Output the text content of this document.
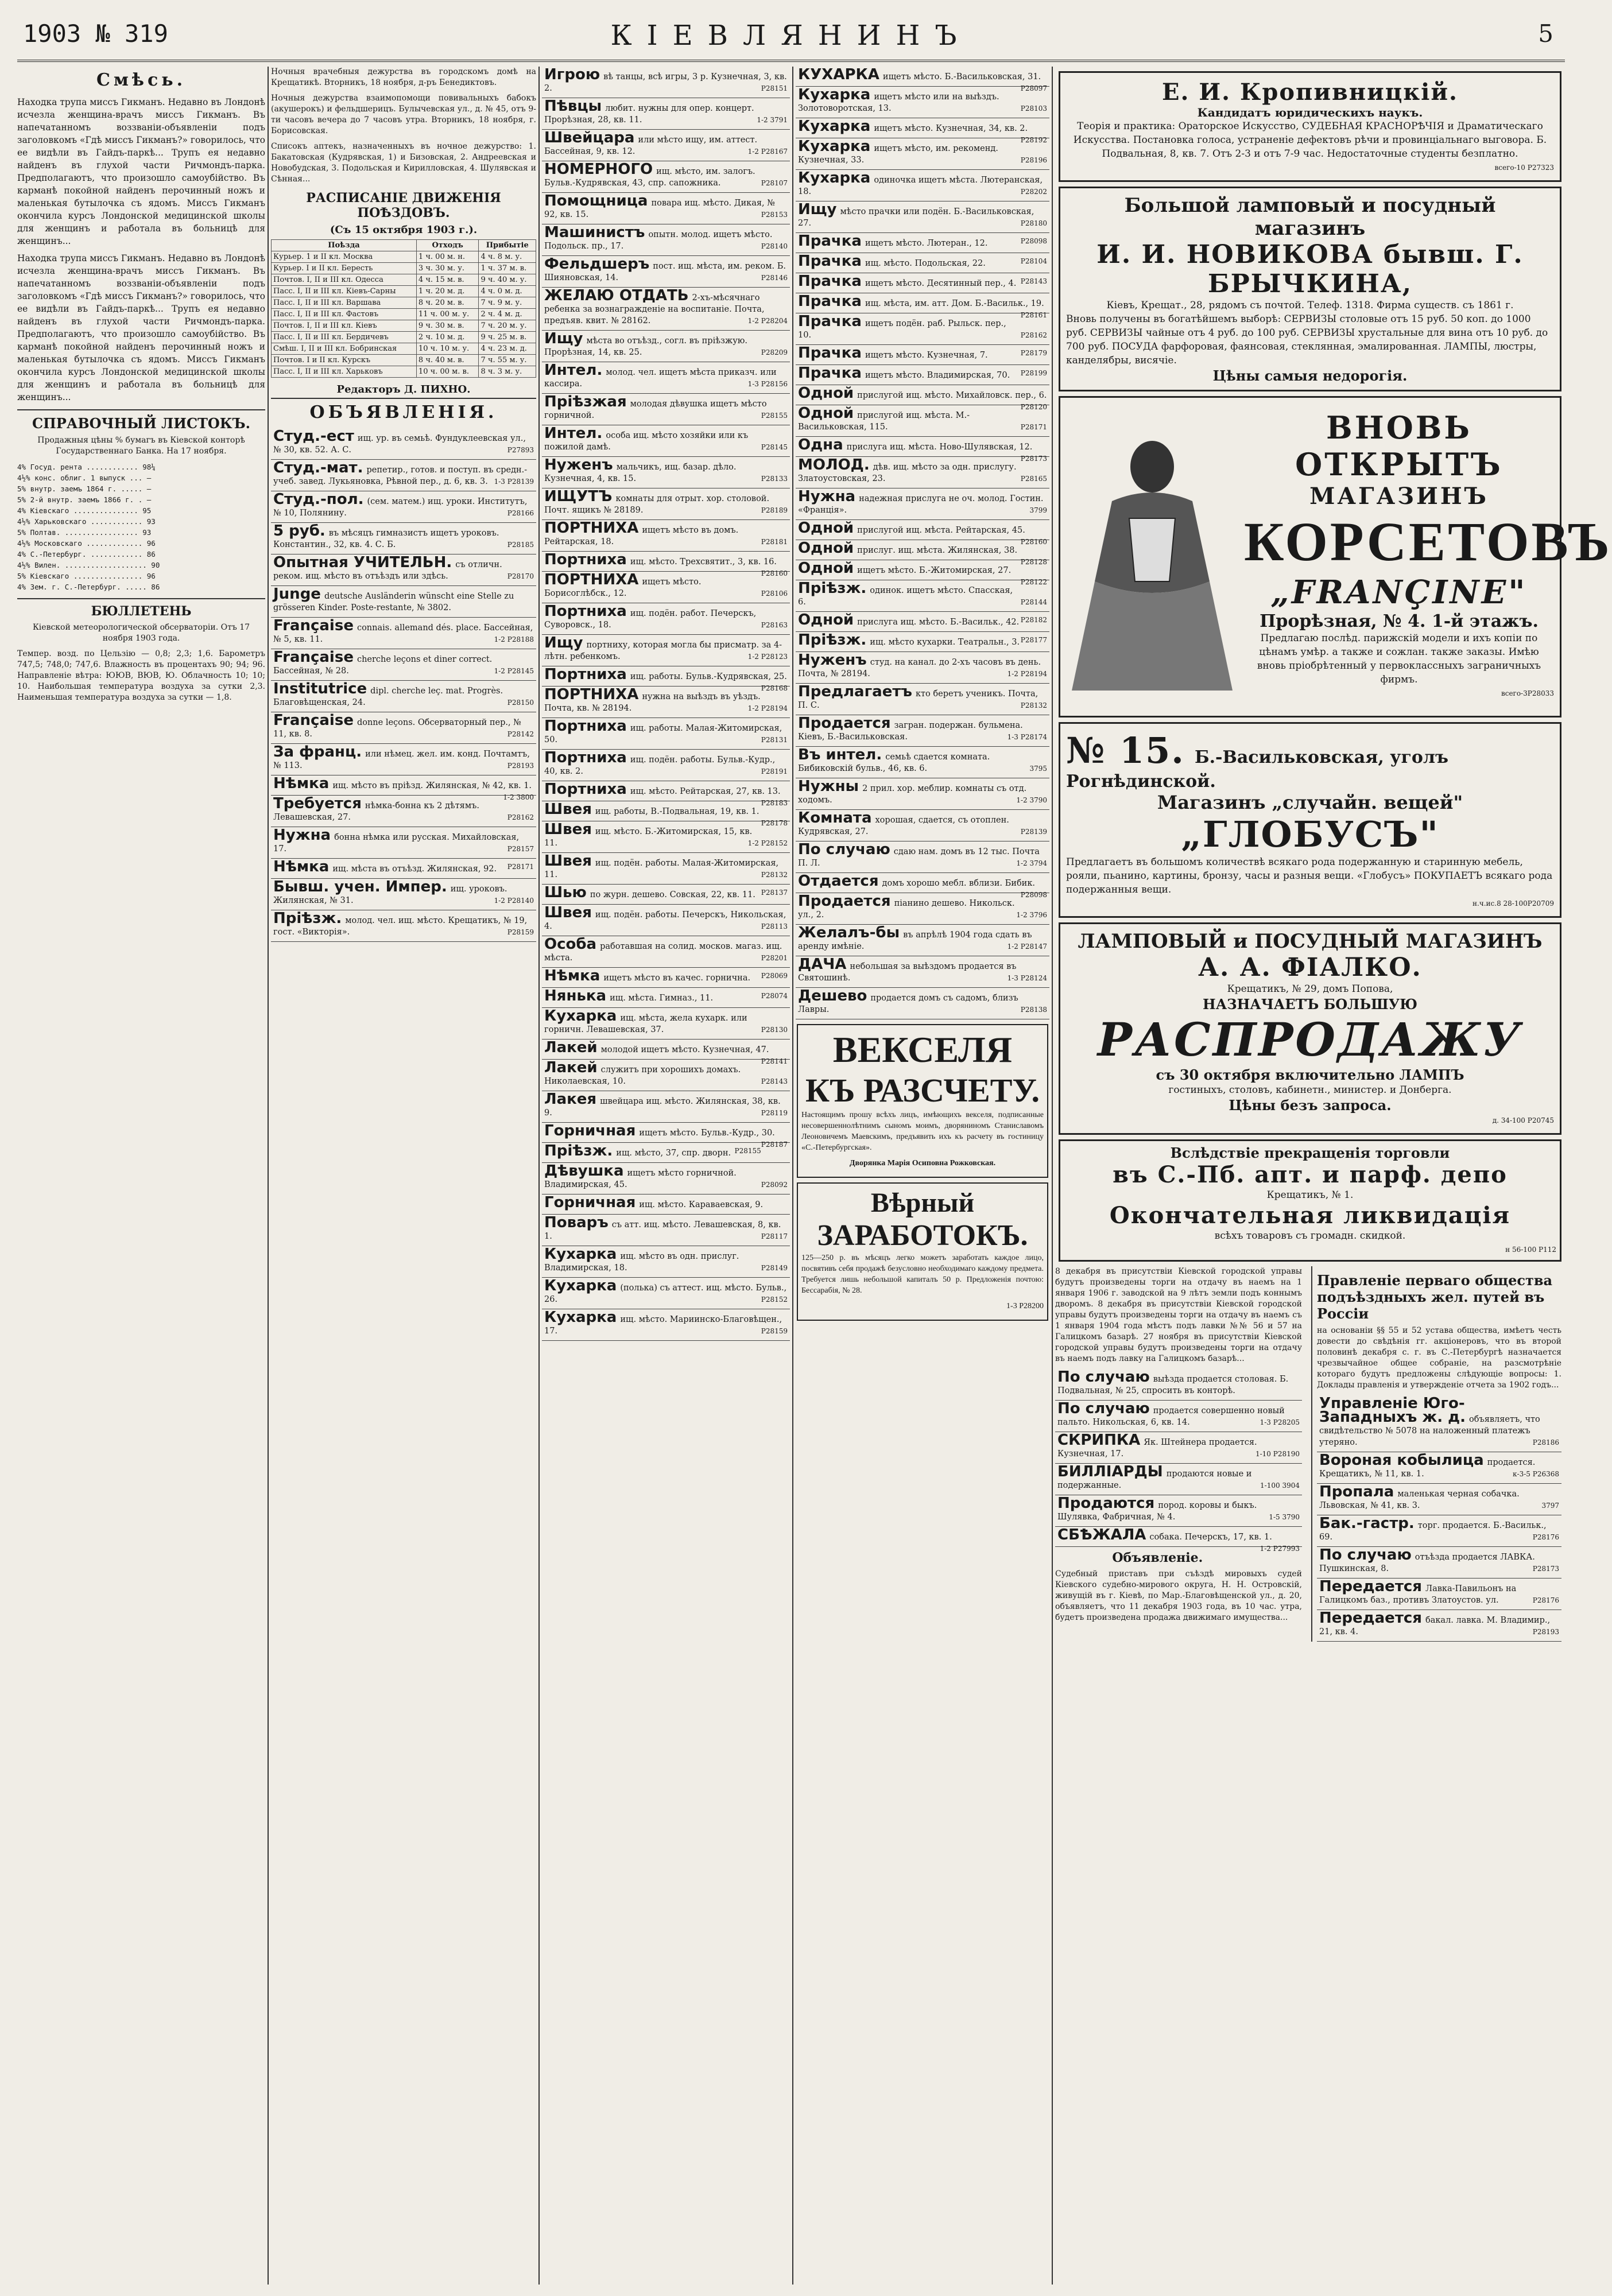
1903 № 319	КІЕВЛЯНИНЪ	5
Смѣсь.

Находка трупа миссъ Гикманъ. Недавно въ Лондонѣ исчезла женщина-врачъ миссъ Гикманъ. Въ напечатанномъ воззваніи-объявленіи подъ заголовкомъ «Гдѣ миссъ Гикманъ?» говорилось, что ее видѣли въ Гайдъ-паркѣ... Трупъ ея недавно найденъ въ глухой части Ричмондъ-парка. Предполагаютъ, что произошло самоубійство. Въ карманѣ покойной найденъ перочинный ножъ и маленькая бутылочка съ ядомъ. Миссъ Гикманъ окончила курсъ Лондонской медицинской школы для женщинъ и работала въ больницѣ для женщинъ...

Находка трупа миссъ Гикманъ. Недавно въ Лондонѣ исчезла женщина-врачъ миссъ Гикманъ. Въ напечатанномъ воззваніи-объявленіи подъ заголовкомъ «Гдѣ миссъ Гикманъ?» говорилось, что ее видѣли въ Гайдъ-паркѣ... Трупъ ея недавно найденъ въ глухой части Ричмондъ-парка. Предполагаютъ, что произошло самоубійство. Въ карманѣ покойной найденъ перочинный ножъ и маленькая бутылочка съ ядомъ. Миссъ Гикманъ окончила курсъ Лондонской медицинской школы для женщинъ и работала въ больницѣ для женщинъ...

СПРАВОЧНЫЙ ЛИСТОКЪ.

Продажныя цѣны % бумагъ въ Кіевской конторѣ Государственнаго Банка. На 17 ноября.

4% Госуд. рента ............ 98¼
4½% конс. облиг. 1 выпуск ... —
5% внутр. заемъ 1864 г. ..... —
5% 2-й внутр. заемъ 1866 г. . —
4% Кіевскаго ............... 95
4½% Харьковскаго ............ 93
5% Полтав. ................. 93
4½% Московскаго ............. 96
4% С.-Петербург. ............ 86
4½% Вилен. ................... 90
5% Кіевскаго ................ 96
4% Зем. г. С.-Петербург. ..... 86
БЮЛЛЕТЕНЬ

Кіевской метеорологической обсерваторіи. Отъ 17 ноября 1903 года.

Темпер. возд. по Цельзію — 0,8; 2,3; 1,6. Барометръ 747,5; 748,0; 747,6. Влажность въ процентахъ 90; 94; 96. Направленіе вѣтра: ЮЮВ, ВЮВ, Ю. Облачность 10; 10; 10. Наибольшая температура воздуха за сутки 2,3. Наименьшая температура воздуха за сутки — 1,8.

Ночныя врачебныя дежурства въ городскомъ домѣ на Крещатикѣ. Вторникъ, 18 ноября, д-ръ Бенедиктовъ.

Ночныя дежурства взаимопомощи повивальныхъ бабокъ (акушерокъ) и фельдшерицъ. Булычевская ул., д. № 45, отъ 9-ти часовъ вечера до 7 часовъ утра. Вторникъ, 18 ноября, г. Борисовская.

Списокъ аптекъ, назначенныхъ въ ночное дежурство: 1. Бакатовская (Кудрявская, 1) и Бизовская, 2. Андреевская и Новобудская, 3. Подольская и Кирилловская, 4. Шулявская и Сѣнная...

РАСПИСАНІЕ ДВИЖЕНІЯ ПОѢЗДОВЪ.
(Съ 15 октября 1903 г.).
Поѣзда	Отходъ	Прибытіе
Курьер. 1 и II кл. Москва	1 ч. 00 м. н.	4 ч. 8 м. у.
Курьер. I и II кл. Бересть	3 ч. 30 м. у.	1 ч. 37 м. в.
Почтов. I, II и III кл. Одесса	4 ч. 15 м. в.	9 ч. 40 м. у.
Пасс. I, II и III кл. Кіевъ-Сарны	1 ч. 20 м. д.	4 ч. 0 м. д.
Пасс. I, II и III кл. Варшава	8 ч. 20 м. в.	7 ч. 9 м. у.
Пасс. I, II и III кл. Фастовъ	11 ч. 00 м. у.	2 ч. 4 м. д.
Почтов. I, II и III кл. Кіевъ	9 ч. 30 м. в.	7 ч. 20 м. у.
Пасс. I, II и III кл. Бердичевъ	2 ч. 10 м. д.	9 ч. 25 м. в.
Смѣш. I, II и III кл. Бобринская	10 ч. 10 м. у.	4 ч. 23 м. д.
Почтов. I и II кл. Курскъ	8 ч. 40 м. в.	7 ч. 55 м. у.
Пасс. I, II и III кл. Харьковъ	10 ч. 00 м. в.	8 ч. 3 м. у.
Редакторъ Д. ПИХНО.
ОБЪЯВЛЕНІЯ.
Студ.-ест ищ. ур. въ семьѣ. Фундуклеевская ул., № 30, кв. 52. А. С.	P27893
Студ.-мат. репетир., готов. и поступ. въ средн.-учеб. завед. Лукьяновка, Рѣвной пер., д. 6, кв. 3. 1-3 P28139
Студ.-пол. (сем. матем.) ищ. уроки. Институтъ, № 10, Полянину.	P28166
5 руб. въ мѣсяцъ гимназистъ ищетъ уроковъ. Константин., 32, кв. 4. С. Б.	P28185
Опытная УЧИТЕЛЬН. съ отличн. реком. ищ. мѣсто въ отъѣздъ или здѣсь.	P28170
Junge deutsche Ausländerin wünscht eine Stelle zu grösseren Kinder. Poste-restante, № 3802.
Française connais. allemand dés. place. Бассейная, № 5, кв. 11.	1-2 P28188
Française cherche leçons et diner correct. Бассейная, № 28.	1-2 P28145
Institutrice dipl. cherche leç. mat. Progrès. Благовѣщенская, 24.	P28150
Française donne leçons. Обсерваторный пер., № 11, кв. 8.	P28142
За франц. или нѣмец. жел. им. конд. Почтамтъ, № 113.	P28193
Нѣмка ищ. мѣсто въ пріѣзд. Жилянская, № 42, кв. 1.
1-2 3800
Требуется нѣмка-бонна къ 2 дѣтямъ. Левашевская, 27.	P28162
Нужна бонна нѣмка или русская. Михайловская, 17.	P28157
Нѣмка ищ. мѣста въ отъѣзд. Жилянская, 92. P28171
Бывш. учен. Импер. ищ. уроковъ. Жилянская, № 31.	1-2 P28140
Пріѣзж. молод. чел. ищ. мѣсто. Крещатикъ, № 19, гост. «Викторія».	P28159
Игрою вѣ танцы, всѣ игры, 3 р. Кузнечная, 3, кв. 2.	P28151
Пѣвцы любит. нужны для опер. концерт. Прорѣзная, 28, кв. 11.	1-2 3791
Швейцара или мѣсто ищу, им. аттест. Бассейная, 9, кв. 12.	1-2 P28167
НОМЕРНОГО ищ. мѣсто, им. залогъ. Бульв.-Кудрявская, 43, спр. сапожника.	P28107
Помощница повара ищ. мѣсто. Дикая, № 92, кв. 15.	P28153
Машинистъ опытн. молод. ищетъ мѣсто. Подольск. пр., 17.	P28140
Фельдшеръ пост. ищ. мѣста, им. реком. Б. Шияновская, 14.	P28146
ЖЕЛАЮ ОТДАТЬ 2-хъ-мѣсячнаго ребенка за вознагражденіе на воспитаніе. Почта, предъяв. квит. № 28162.	1-2 P28204
Ищу мѣста во отъѣзд., согл. въ пріѣзжую. Прорѣзная, 14, кв. 25.	P28209
Интел. молод. чел. ищетъ мѣста приказч. или кассира.	1-3 P28156
Пріѣзжая молодая дѣвушка ищетъ мѣсто горничной.	P28155
Интел. особа ищ. мѣсто хозяйки или къ пожилой дамѣ.	P28145
Нуженъ мальчикъ, ищ. базар. дѣло. Кузнечная, 4, кв. 15.	P28133
ИЩУТЪ комнаты для отрыт. хор. столовой. Почт. ящикъ № 28189.	P28189
ПОРТНИХА ищетъ мѣсто въ домъ. Рейтарская, 18.	P28181
Портниха ищ. мѣсто. Трехсвятит., 3, кв. 16.
P28160
ПОРТНИХА ищетъ мѣсто. Борисоглѣбск., 12.	P28106
Портниха ищ. подён. работ. Печерскъ, Суворовск., 18.	P28163
Ищу портниху, которая могла бы присматр. за 4-лѣтн. ребенкомъ.	1-2 P28123
Портниха ищ. работы. Бульв.-Кудрявская, 25.
P28168
ПОРТНИХА нужна на выѣздъ въ уѣздъ. Почта, кв. № 28194.	1-2 P28194
Портниха ищ. работы. Малая-Житомирская, 50.	P28131
Портниха ищ. подён. работы. Бульв.-Кудр., 40, кв. 2.	P28191
Портниха ищ. мѣсто. Рейтарская, 27, кв. 13.
P28183
Швея ищ. работы, В.-Подвальная, 19, кв. 1.
P28178
Швея ищ. мѣсто. Б.-Житомирская, 15, кв. 11.	1-2 P28152
Швея ищ. подён. работы. Малая-Житомирская, 11.	P28132
Шью по журн. дешево. Совская, 22, кв. 11. P28137
Швея ищ. подён. работы. Печерскъ, Никольская, 4.	P28113
Особа работавшая на солид. москов. магаз. ищ. мѣста.	P28201
Нѣмка ищетъ мѣсто въ качес. горнична. P28069
Нянька ищ. мѣста. Гимназ., 11.	P28074
Кухарка ищ. мѣста, жела кухарк. или горничн. Левашевская, 37.	P28130
Лакей молодой ищетъ мѣсто. Кузнечная, 47.
P28141
Лакей служитъ при хорошихъ домахъ. Николаевская, 10.	P28143
Лакея швейцара ищ. мѣсто. Жилянская, 38, кв. 9.	P28119
Горничная ищетъ мѣсто. Бульв.-Кудр., 30.
P28187
Пріѣзж. ищ. мѣсто, 37, спр. дворн. P28155
Дѣвушка ищетъ мѣсто горничной. Владимирская, 45.	P28092
Горничная ищ. мѣсто. Караваевская, 9.
Поваръ съ атт. ищ. мѣсто. Левашевская, 8, кв. 1.	P28117
Кухарка ищ. мѣсто въ одн. прислуг. Владимирская, 18.	P28149
Кухарка (полька) съ аттест. ищ. мѣсто. Бульв., 26.	P28152
Кухарка ищ. мѣсто. Мариинско-Благовѣщен., 17.	P28159
КУХАРКА ищетъ мѣсто. Б.-Васильковская, 31.
P28097
Кухарка ищетъ мѣсто или на выѣздъ. Золотоворотская, 13.	P28103
Кухарка ищетъ мѣсто. Кузнечная, 34, кв. 2.
P28192
Кухарка ищетъ мѣсто, им. рекоменд. Кузнечная, 33.	P28196
Кухарка одиночка ищетъ мѣста. Лютеранская, 18.	P28202
Ищу мѣсто прачки или подён. Б.-Васильковская, 27.	P28180
Прачка ищетъ мѣсто. Лютеран., 12.	P28098
Прачка ищ. мѣсто. Подольская, 22.	P28104
Прачка ищетъ мѣсто. Десятинный пер., 4. P28143
Прачка ищ. мѣста, им. атт. Дом. Б.-Васильк., 19.
P28161
Прачка ищетъ подён. раб. Рыльск. пер., 10.	P28162
Прачка ищетъ мѣсто. Кузнечная, 7.	P28179
Прачка ищетъ мѣсто. Владимирская, 70. P28199
Одной прислугой ищ. мѣсто. Михайловск. пер., 6.
P28120
Одной прислугой ищ. мѣста. М.-Васильковская, 115.	P28171
Одна прислуга ищ. мѣста. Ново-Шулявская, 12.
P28173
МОЛОД. дѣв. ищ. мѣсто за одн. прислугу. Златоустовская, 23.	P28165
Нужна надежная прислуга не оч. молод. Гостин. «Франція».	3799
Одной прислугой ищ. мѣста. Рейтарская, 45.
P28160
Одной прислуг. ищ. мѣста. Жилянская, 38.
P28128
Одной ищетъ мѣсто. Б.-Житомирская, 27.
P28122
Пріѣзж. одинок. ищетъ мѣсто. Спасская, 6.	P28144
Одной прислуга ищ. мѣсто. Б.-Васильк., 42. P28182
Пріѣзж. ищ. мѣсто кухарки. Театральн., 3. P28177
Нуженъ студ. на канал. до 2-хъ часовъ въ день. Почта, № 28194.	1-2 P28194
Предлагаетъ кто беретъ ученикъ. Почта, П. С.	P28132
Продается загран. подержан. бульмена. Кіевъ, Б.-Васильковская.	1-3 P28174
Въ интел. семьѣ сдается комната. Бибиковскій бульв., 46, кв. 6.	3795
Нужны 2 прил. хор. меблир. комнаты съ отд. ходомъ.	1-2 3790
Комната хорошая, сдается, съ отоплен. Кудрявская, 27.	P28139
По случаю сдаю нам. домъ въ 12 тыс. Почта П. Л.	1-2 3794
Отдается домъ хорошо мебл. вблизи. Бибик.
P28098
Продается піанино дешево. Никольск. ул., 2.	1-2 3796
Желалъ-бы въ апрѣлѣ 1904 года сдать въ аренду имѣніе.	1-2 P28147
ДАЧА небольшая за выѣздомъ продается въ Святошинѣ.	1-3 P28124
Дешево продается домъ съ садомъ, близъ Лавры.	P28138
ВЕКСЕЛЯ
КЪ РАЗСЧЕТУ.

Настоящимъ прошу всѣхъ лицъ, имѣющихъ векселя, подписанные несовершеннолѣтнимъ сыномъ моимъ, дворяниномъ Станиславомъ Леоновичемъ Маевскимъ, предъявить ихъ къ расчету въ гостиницу «С.-Петербургская».

Дворянка Марія Осиповна Рожковская.

Вѣрный
ЗАРАБОТОКЪ.

125—250 р. въ мѣсяцъ легко можетъ заработать каждое лицо, посвятивъ себя продажѣ безусловно необходимаго каждому предмета. Требуется лишь небольшой капиталъ 50 р. Предложенія почтою: Бессарабія, № 28.

1-3 P28200

Е. И. Кропивницкій.
Кандидатъ юридическихъ наукъ.
Теорія и практика: Ораторское Искусство, СУДЕБНАЯ КРАСНОРѢЧІЯ и Драматическаго Искусства. Постановка голоса, устраненіе дефектовъ рѣчи и провинціальнаго выговора. Б. Подвальная, 8, кв. 7. Отъ 2-3 и отъ 7-9 час. Недостаточные студенты безплатно.
всего-10 P27323
Большой ламповый и посудный магазинъ
И. И. НОВИКОВА бывш. Г. БРЫЧКИНА,
Кіевъ, Крещат., 28, рядомъ съ почтой. Телеф. 1318. Фирма существ. съ 1861 г.
Вновь получены въ богатѣйшемъ выборѣ: СЕРВИЗЫ столовые отъ 15 руб. 50 коп. до 1000 руб. СЕРВИЗЫ чайные отъ 4 руб. до 100 руб. СЕРВИЗЫ хрустальные для вина отъ 10 руб. до 700 руб. ПОСУДА фарфоровая, фаянсовая, стеклянная, эмалированная. ЛАМПЫ, люстры, канделябры, висячіе.
Цѣны самыя недорогія.
ВНОВЬ ОТКРЫТЪ
МАГАЗИНЪ
КОРСЕТОВЪ
„FRANÇINE"
Прорѣзная, № 4. 1-й этажъ.
Предлагаю послѣд. парижскій модели и ихъ копіи по цѣнамъ умѣр. а также и сожлан. также заказы. Имѣю вновь пріобрѣтенный у первоклассныхъ заграничныхъ фирмъ.
всего-3P28033
№ 15. Б.-Васильковская, уголъ Рогнѣдинской.
Магазинъ „случайн. вещей"
„ГЛОБУСЪ"
Предлагаетъ въ большомъ количествѣ всякаго рода подержанную и старинную мебель, рояли, пьанино, картины, бронзу, часы и разныя вещи. «Глобусъ» ПОКУПАЕТЪ всякаго рода подержанныя вещи.
н.ч.ис.8 28-100P20709
ЛАМПОВЫЙ и ПОСУДНЫЙ МАГАЗИНЪ
А. А. ФІАЛКО.
Крещатикъ, № 29, домъ Попова,
НАЗНАЧАЕТЪ БОЛЬШУЮ
РАСПРОДАЖУ
съ 30 октября включительно ЛАМПЪ
гостиныхъ, столовъ, кабинетн., министер. и Донберга.
Цѣны безъ запроса.
д. 34-100 P20745
Вслѣдствіе прекращенія торговли
въ С.-Пб. апт. и парф. депо
Крещатикъ, № 1.
Окончательная ликвидація
всѣхъ товаровъ съ громадн. скидкой.
н 56-100 P112

8 декабря въ присутствіи Кіевской городской управы будутъ произведены торги на отдачу въ наемъ на 1 января 1906 г. заводской на 9 лѣтъ земли подъ коннымъ дворомъ. 8 декабря въ присутствіи Кіевской городской управы будутъ произведены торги на отдачу въ наемъ съ 1 января 1904 года мѣстъ подъ лавки №№ 56 и 57 на Галицкомъ базарѣ. 27 ноября въ присутствіи Кіевской городской управы будутъ произведены торги на отдачу въ наемъ подъ лавку на Галицкомъ базарѣ...

По случаю выѣзда продается столовая. Б. Подвальная, № 25, спросить въ конторѣ.
По случаю продается совершенно новый пальто. Никольская, 6, кв. 14.	1-3 P28205
СКРИПКА Як. Штейнера продается. Кузнечная, 17.	1-10 P28190
БИЛЛІАРДЫ продаются новые и подержанные.	1-100 3904
Продаются пород. коровы и быкъ. Шулявка, Фабричная, № 4.	1-5 3790
СБѢЖАЛА собака. Печерскъ, 17, кв. 1.
1-2 P27993
Объявленіе.

Судебный приставъ при съѣздѣ мировыхъ судей Кіевского судебно-мирового округа, Н. Н. Островскій, живущій въ г. Кіевѣ, по Мар.-Благовѣщенской ул., д. 20, объявляетъ, что 11 декабря 1903 года, въ 10 час. утра, будетъ произведена продажа движимаго имущества...

Правленіе перваго общества подъѣздныхъ жел. путей въ Россіи

на основаніи §§ 55 и 52 устава общества, имѣетъ честь довести до свѣдѣнія гг. акціонеровъ, что въ второй половинѣ декабря с. г. въ С.-Петербургѣ назначается чрезвычайное общее собраніе, на разсмотрѣніе котораго будутъ предложены слѣдующіе вопросы: 1. Доклады правленія и утвержденіе отчета за 1902 годъ...

Управленіе Юго-Западныхъ ж. д. объявляетъ, что свидѣтельство № 5078 на наложенный платежъ утеряно.	P28186
Вороная кобылица продается. Крещатикъ, № 11, кв. 1.	к-3-5 P26368
Пропала маленькая черная собачка. Львовская, № 41, кв. 3.	3797
Бак.-гастр. торг. продается. Б.-Васильк., 69.	P28176
По случаю отъѣзда продается ЛАВКА. Пушкинская, 8.	P28173
Передается Лавка-Павильонъ на Галицкомъ баз., противъ Златоустов. ул.	P28176
Передается бакал. лавка. М. Владимир., 21, кв. 4.	P28193
